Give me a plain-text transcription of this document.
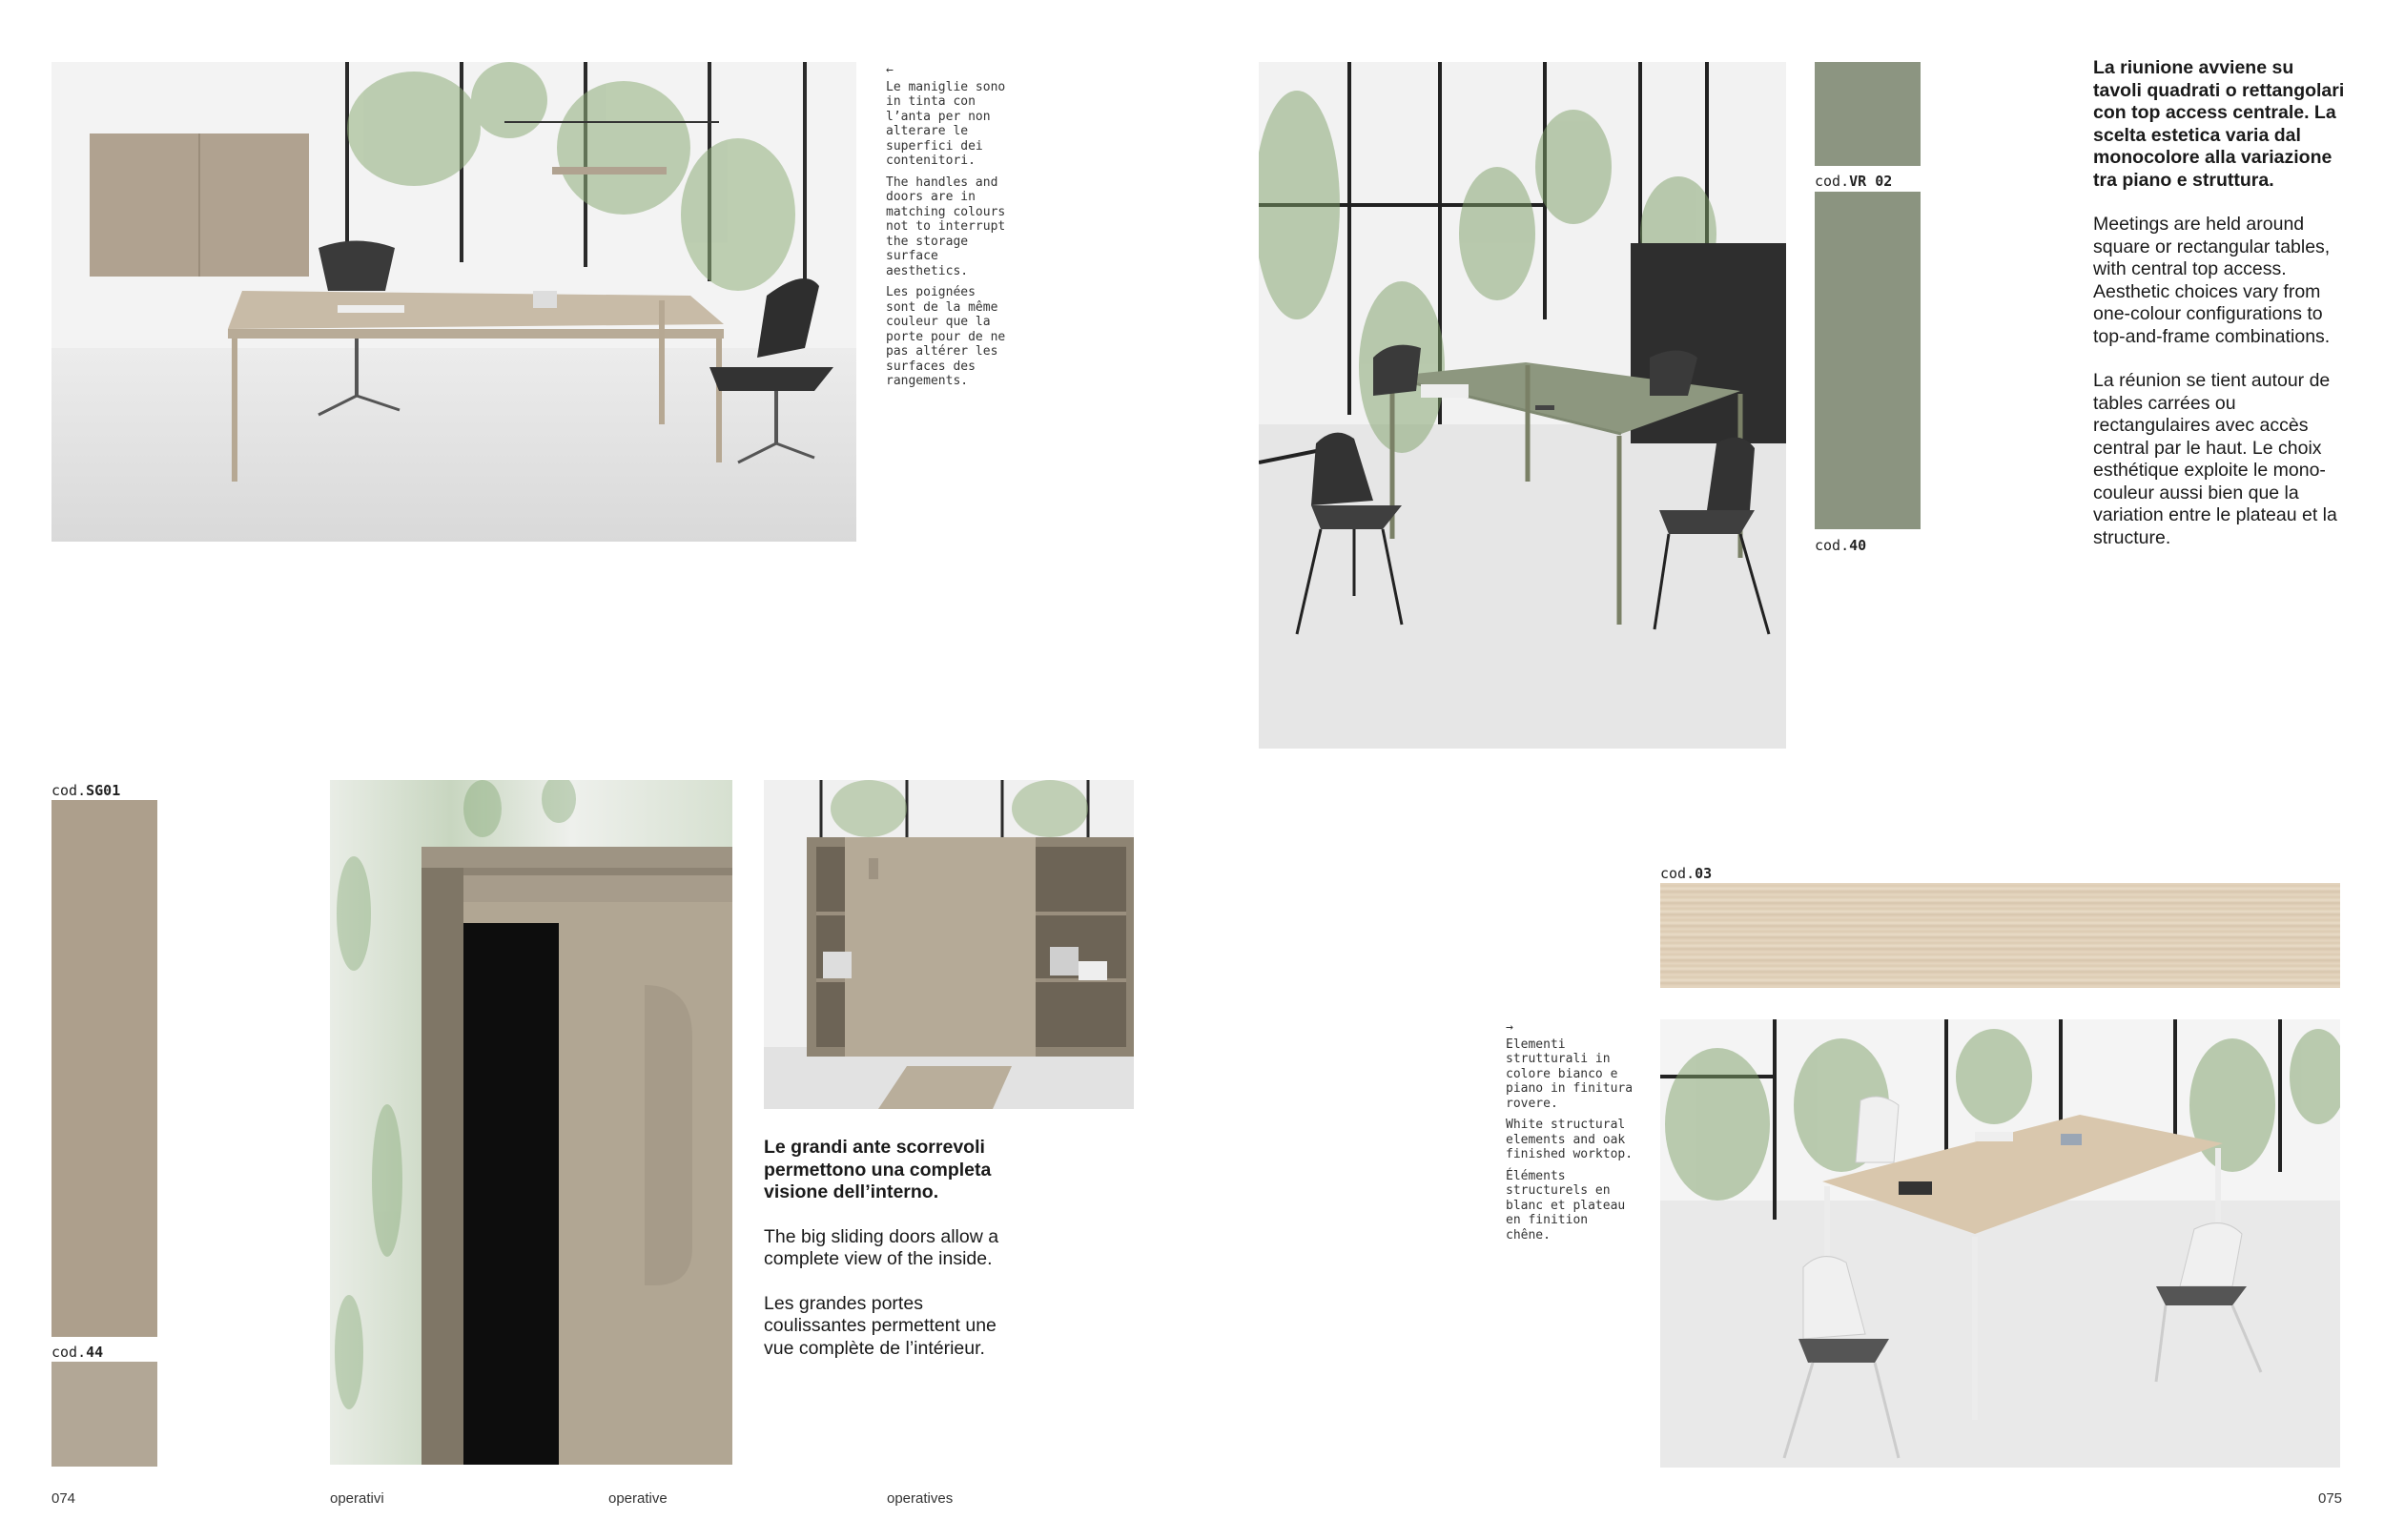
←

Le maniglie sono in tinta con l’anta per non alterare le superfici dei contenitori.

The handles and doors are in matching colours not to interrupt the storage surface aesthetics.

Les poignées sont de la même couleur que la porte pour de ne pas altérer les surfaces des rangements.

cod.SG01
cod.44

Le grandi ante scorrevoli permettono una completa visione dell’interno.

The big sliding doors allow a complete view of the inside.

Les grandes portes coulissantes permettent une vue complète de l’intérieur.

074	operativi	operative	operatives
cod.VR 02
cod.40

La riunione avviene su tavoli quadrati o rettangolari con top access centrale. La scelta estetica varia dal monocolore alla variazione tra piano e struttura.

Meetings are held around square or rectangular tables, with central top access. Aesthetic choices vary from one-colour configurations to top-and-frame combinations.

La réunion se tient autour de tables carrées ou rectangulaires avec accès central par le haut. Le choix esthétique exploite le mono-couleur aussi bien que la variation entre le plateau et la structure.

cod.03

→

Elementi strutturali in colore bianco e piano in finitura rovere.

White structural elements and oak finished worktop.

Éléments structurels en blanc et plateau en finition chêne.

075
